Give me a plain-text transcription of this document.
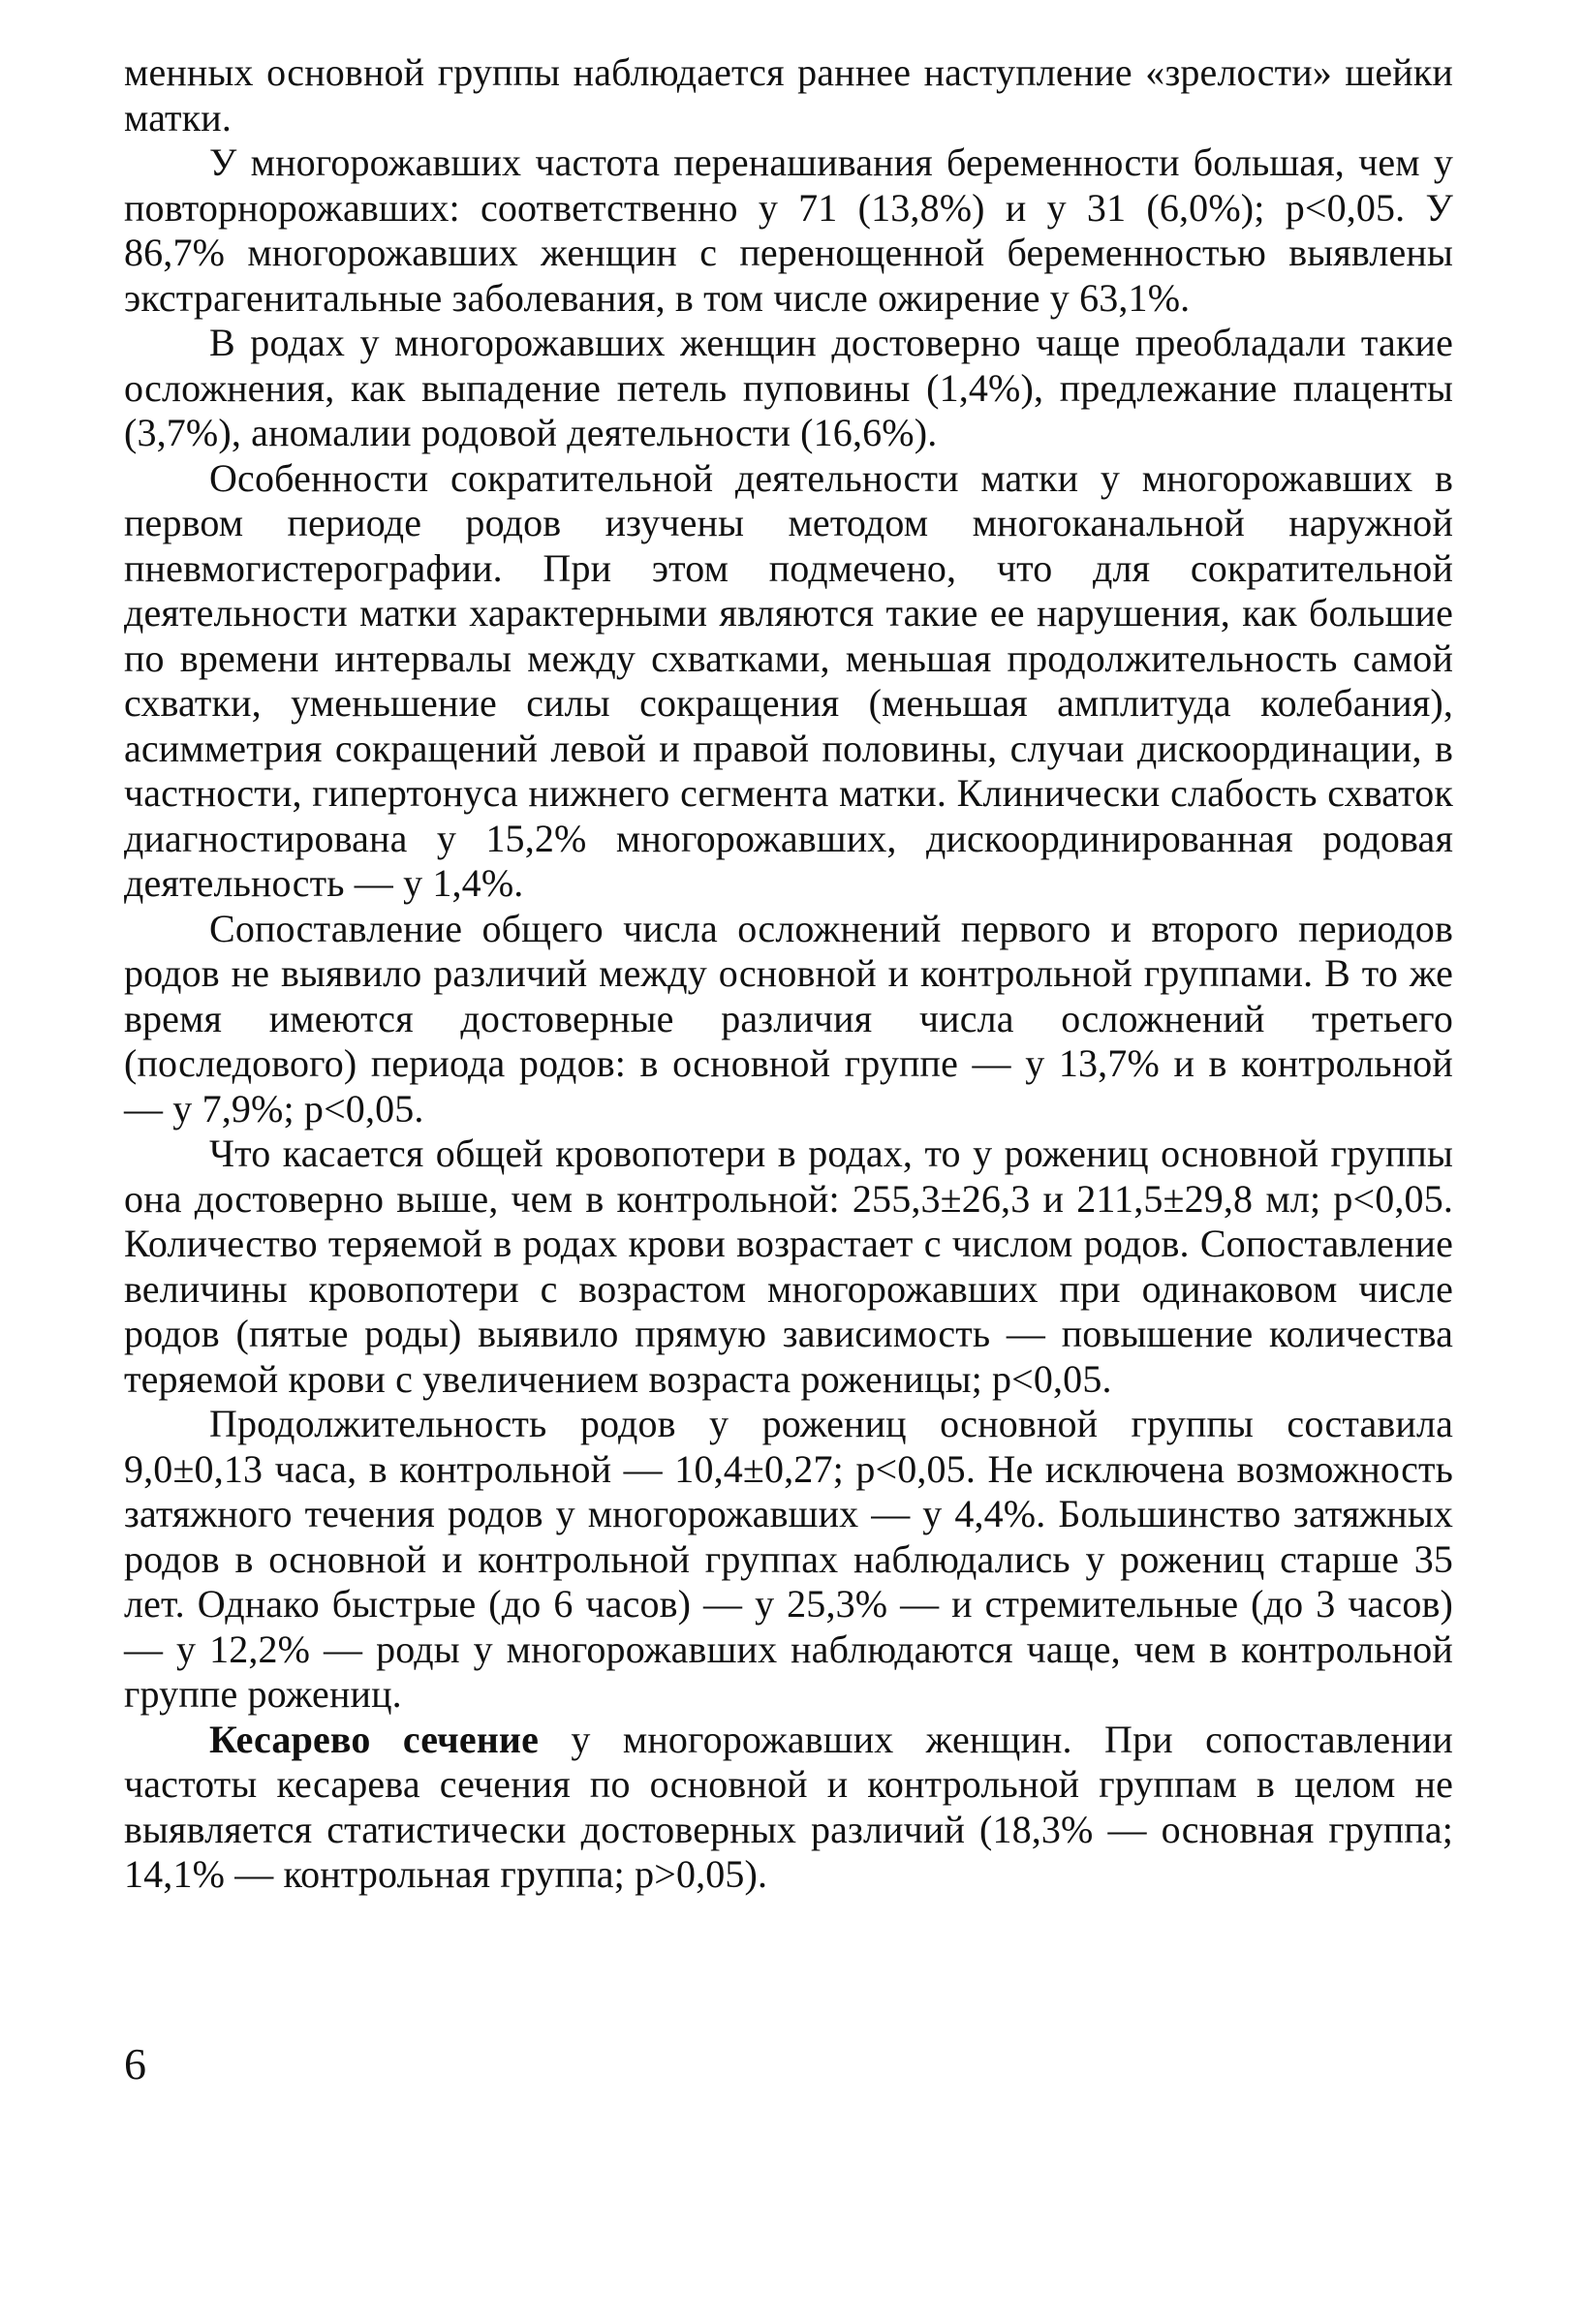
менных основной группы наблюдается раннее наступление «зрелости» шейки матки.

У многорожавших частота перенашивания беременности большая, чем у повторнорожавших: соответственно у 71 (13,8%) и у 31 (6,0%); p<0,05. У 86,7% многорожавших женщин с перенощенной беременностью выявлены экстрагенитальные заболевания, в том числе ожирение у 63,1%.

В родах у многорожавших женщин достоверно чаще преобладали такие осложнения, как выпадение петель пуповины (1,4%), предлежание плаценты (3,7%), аномалии родовой деятельности (16,6%).

Особенности сократительной деятельности матки у многорожавших в первом периоде родов изучены методом многоканальной наружной пневмогистерографии. При этом подмечено, что для сократительной деятельности матки характерными являются такие ее нарушения, как большие по времени интервалы между схватками, меньшая продолжительность самой схватки, уменьшение силы сокращения (меньшая амплитуда колебания), асимметрия сокращений левой и правой половины, случаи дискоординации, в частности, гипертонуса нижнего сегмента матки. Клинически слабость схваток диагностирована у 15,2% многорожавших, дискоординированная родовая деятельность — у 1,4%.

Сопоставление общего числа осложнений первого и второго периодов родов не выявило различий между основной и контрольной группами. В то же время имеются достоверные различия числа осложнений третьего (последового) периода родов: в основной группе — у 13,7% и в контрольной — у 7,9%; p<0,05.

Что касается общей кровопотери в родах, то у рожениц основной группы она достоверно выше, чем в контрольной: 255,3±26,3 и 211,5±29,8 мл; p<0,05. Количество теряемой в родах крови возрастает с числом родов. Сопоставление величины кровопотери с возрастом многорожавших при одинаковом числе родов (пятые роды) выявило прямую зависимость — повышение количества теряемой крови с увеличением возраста роженицы; p<0,05.

Продолжительность родов у рожениц основной группы составила 9,0±0,13 часа, в контрольной — 10,4±0,27; p<0,05. Не исключена возможность затяжного течения родов у многорожавших — у 4,4%. Большинство затяжных родов в основной и контрольной группах наблюдались у рожениц старше 35 лет. Однако быстрые (до 6 часов) — у 25,3% — и стремительные (до 3 часов) — у 12,2% — роды у многорожавших наблюдаются чаще, чем в контрольной группе рожениц.

Кесарево сечение у многорожавших женщин. При сопоставлении частоты кесарева сечения по основной и контрольной группам в целом не выявляется статистически достоверных различий (18,3% — основная группа; 14,1% — контрольная группа; p>0,05).

6
